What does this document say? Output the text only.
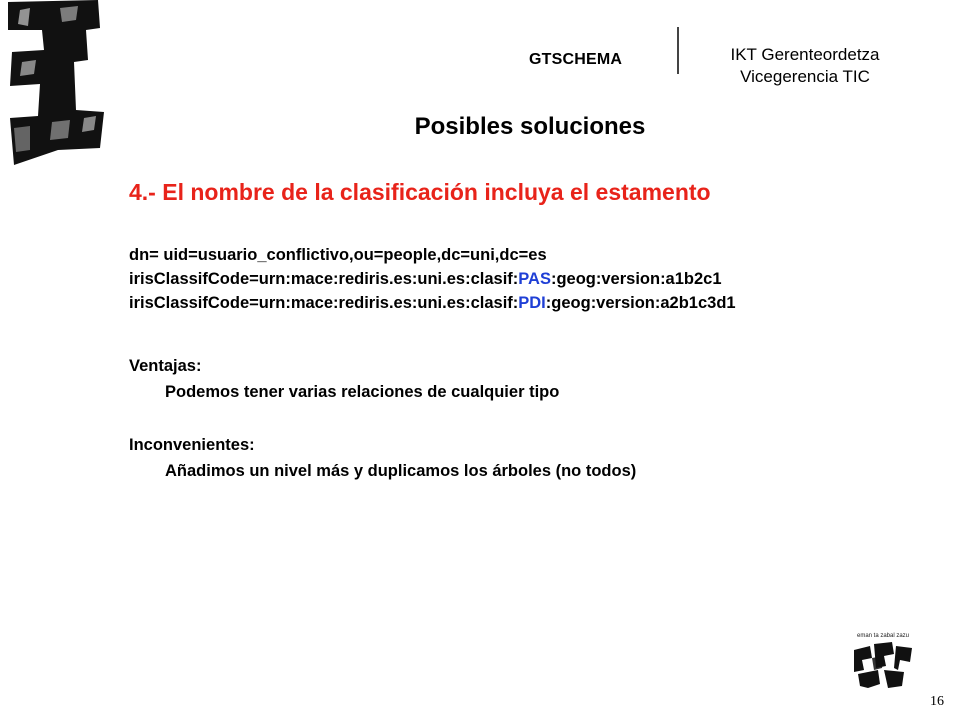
GTSCHEMA	IKT Gerenteordetza
Vicegerencia TIC
Posibles soluciones
4.- El nombre de la clasificación incluya el estamento
dn= uid=usuario_conflictivo,ou=people,dc=uni,dc=es
irisClassifCode=urn:mace:rediris.es:uni.es:clasif:PAS:geog:version:a1b2c1
irisClassifCode=urn:mace:rediris.es:uni.es:clasif:PDI:geog:version:a2b1c3d1
Ventajas:
Podemos tener varias relaciones de cualquier tipo
Inconvenientes:
Añadimos un nivel más y duplicamos los árboles (no todos)
eman ta zabal zazu
16
